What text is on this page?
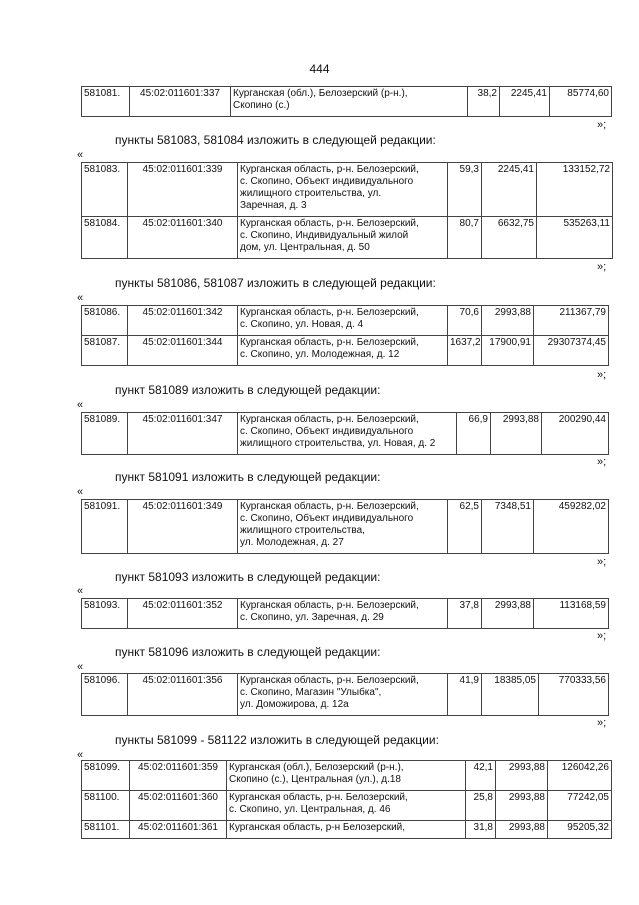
444
581081.	45:02:011601:337	Курганская (обл.), Белозерский (р-н.),
Скопино (с.)	38,2	2245,41	85774,60
»;
пункты 581083, 581084 изложить в следующей редакции:
«
581083.	45:02:011601:339	Курганская область, р-н. Белозерский,
с. Скопино, Объект индивидуального
жилищного строительства, ул.
Заречная, д. 3	59,3	2245,41	133152,72
581084.	45:02:011601:340	Курганская область, р-н. Белозерский,
с. Скопино, Индивидуальный жилой
дом, ул. Центральная, д. 50	80,7	6632,75	535263,11
»;
пункты 581086, 581087 изложить в следующей редакции:
«
581086.	45:02:011601:342	Курганская область, р-н. Белозерский,
с. Скопино, ул. Новая, д. 4	70,6	2993,88	211367,79
581087.	45:02:011601:344	Курганская область, р-н. Белозерский,
с. Скопино, ул. Молодежная, д. 12	1637,2	17900,91	29307374,45
»;
пункт 581089 изложить в следующей редакции:
«
581089.	45:02:011601:347	Курганская область, р-н. Белозерский,
с. Скопино, Объект индивидуального
жилищного строительства, ул. Новая, д. 2	66,9	2993,88	200290,44
»;
пункт 581091 изложить в следующей редакции:
«
581091.	45:02:011601:349	Курганская область, р-н. Белозерский,
с. Скопино, Объект индивидуального
жилищного строительства,
ул. Молодежная, д. 27	62,5	7348,51	459282,02
»;
пункт 581093 изложить в следующей редакции:
«
581093.	45:02:011601:352	Курганская область, р-н. Белозерский,
с. Скопино, ул. Заречная, д. 29	37,8	2993,88	113168,59
»;
пункт 581096 изложить в следующей редакции:
«
581096.	45:02:011601:356	Курганская область, р-н. Белозерский,
с. Скопино, Магазин "Улыбка",
ул. Доможирова, д. 12а	41,9	18385,05	770333,56
»;
пункты 581099 - 581122 изложить в следующей редакции:
«
581099.	45:02:011601:359	Курганская (обл.), Белозерский (р-н.),
Скопино (с.), Центральная (ул.), д.18	42,1	2993,88	126042,26
581100.	45:02:011601:360	Курганская область, р-н. Белозерский,
с. Скопино, ул. Центральная, д. 46	25,8	2993,88	77242,05
581101.	45:02:011601:361	Курганская область, р-н Белозерский,	31,8	2993,88	95205,32
